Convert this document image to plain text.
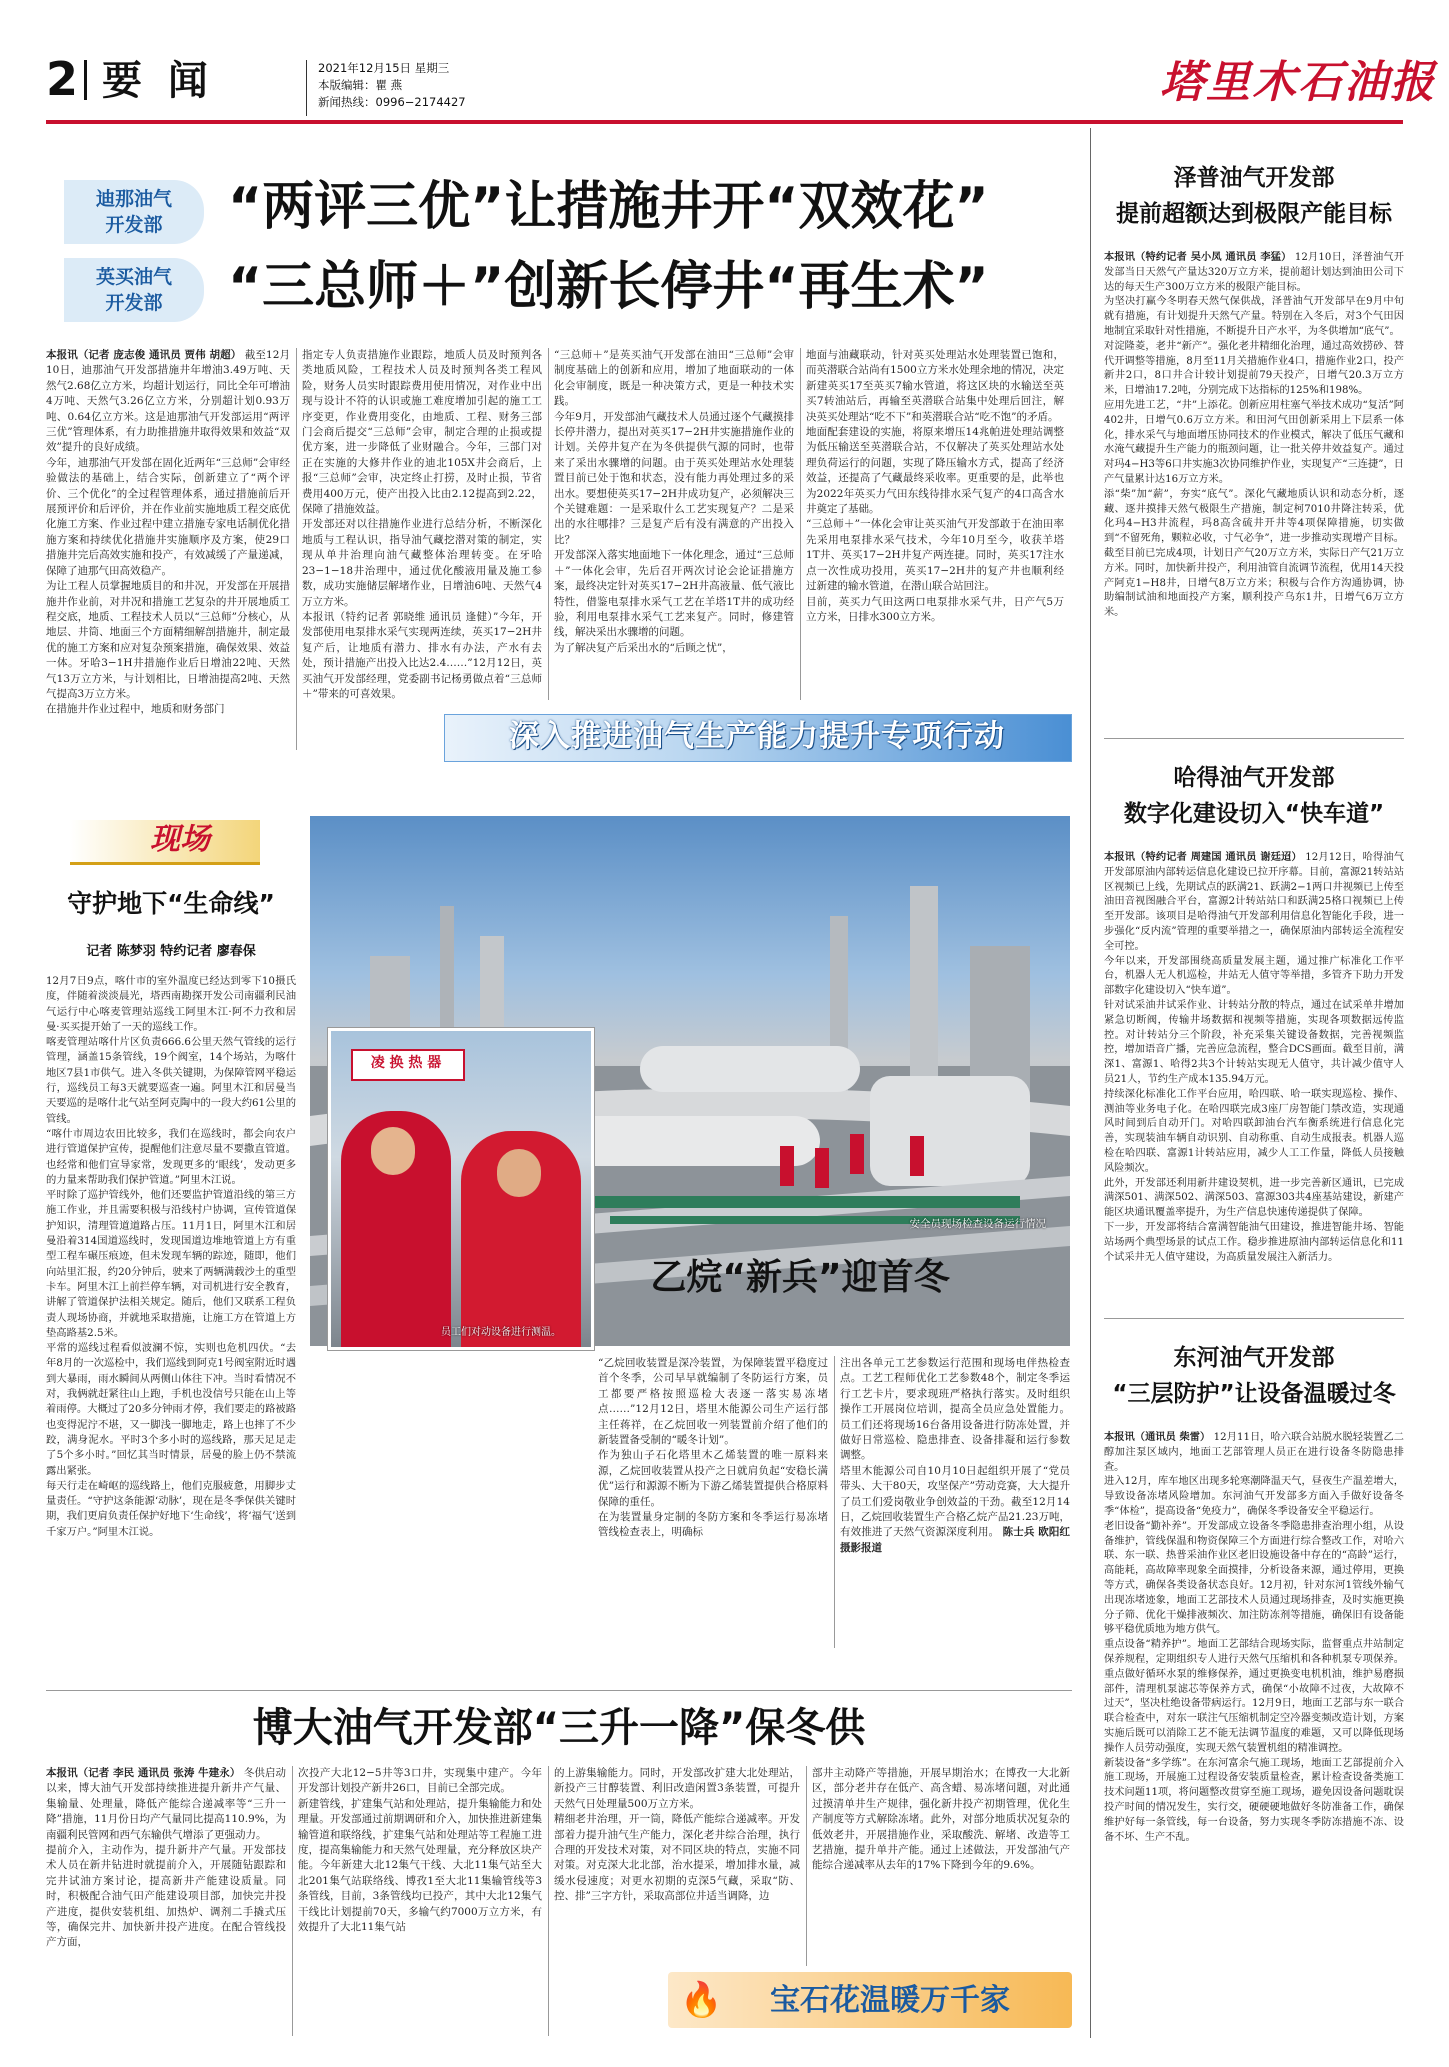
2 要 闻	2021年12月15日 星期三
本版编辑：瞿 燕
新闻热线：0996−2174427	塔里木石油报
迪那油气
开发部
英买油气
开发部
“两评三优”让措施井开“双效花”
“三总师＋”创新长停井“再生术”
本报讯（记者 庞志俊 通讯员 贾伟 胡超） 截至12月10日，迪那油气开发部措施井年增油3.49万吨、天然气2.68亿立方米，均超计划运行，同比全年可增油4万吨、天然气3.26亿立方米，分别超计划0.93万吨、0.64亿立方米。这是迪那油气开发部运用“两评三优”管理体系，有力助推措施井取得效果和效益“双效”提升的良好成绩。
今年，迪那油气开发部在固化近两年“三总师”会审经验做法的基础上，结合实际，创新建立了“两个评价、三个优化”的全过程管理体系，通过措施前后开展预评价和后评价，并在作业前实施地质工程交底优化施工方案、作业过程中建立措施专家电话制优化措施方案和持续优化措施井实施顺序及方案，使29口措施井完后高效实施和投产，有效减缓了产量递减，保障了迪那气田高效稳产。
为让工程人员掌握地质目的和井况，开发部在开展措施井作业前，对井况和措施工艺复杂的井开展地质工程交底，地质、工程技术人员以“三总师”分核心，从地层、井筒、地面三个方面精细解剖措施井，制定最优的施工方案和应对复杂预案措施，确保效果、效益一体。牙哈3−1H井措施作业后日增油22吨、天然气13万立方米，与计划相比，日增油提高2吨、天然气提高3万立方米。
在措施井作业过程中，地质和财务部门
指定专人负责措施作业跟踪，地质人员及时预判各类地质风险，工程技术人员及时预判各类工程风险，财务人员实时跟踪费用使用情况，对作业中出现与设计不符的认识或施工难度增加引起的施工工序变更，作业费用变化，由地质、工程、财务三部门会商后提交“三总师”会审，制定合理的止损或提优方案，进一步降低了业财融合。今年，三部门对正在实施的大修井作业的迪北105X井会商后，上报“三总师”会审，决定终止打捞，及时止损，节省费用400万元，使产出投入比由2.12提高到2.22，保障了措施效益。
开发部还对以往措施作业进行总结分析，不断深化地质与工程认识，指导油气藏挖潜对策的制定，实现从单井治理向油气藏整体治理转变。在牙哈23−1−18井治理中，通过优化酸液用量及施工参数，成功实施储层解堵作业，日增油6吨、天然气4万立方米。
本报讯（特约记者 郭晓维 通讯员 逢健）”今年，开发部使用电泵排水采气实现两连续，英买17−2H井复产后，让地质有潜力、排水有办法，产水有去处，预计措施产出投入比达2.4……”12月12日，英买油气开发部经理，党委副书记杨勇做点着“三总师＋”带来的可喜效果。
“三总师＋”是英买油气开发部在油田“三总师”会审制度基础上的创新和应用，增加了地面联动的一体化会审制度，既是一种决策方式，更是一种技术实践。
今年9月，开发部油气藏技术人员通过逐个气藏摸排长停井潜力，提出对英买17−2H井实施措施作业的计划。关停井复产在为冬供提供气源的同时，也带来了采出水骤增的问题。由于英买处理站水处理装置目前已处于饱和状态，没有能力再处理过多的采出水。要想使英买17−2H井成功复产，必须解决三个关键难题：一是采取什么工艺实现复产？二是采出的水往哪排？三是复产后有没有满意的产出投入比？
开发部深入落实地面地下一体化理念，通过“三总师＋”一体化会审，先后召开两次讨论会论证措施方案，最终决定针对英买17−2H井高液量、低气液比特性，借鉴电泵排水采气工艺在羊塔1T井的成功经验，利用电泵排水采气工艺来复产。同时，修建管线，解决采出水骤增的问题。
为了解决复产后采出水的“后顾之忧”，
地面与油藏联动，针对英买处理站水处理装置已饱和，而英潜联合站尚有1500立方米水处理余地的情况，决定新建英买17至英买7输水管道，将这区块的水输送至英买7转油站后，再输至英潜联合站集中处理后回注，解决英买处理站“吃不下”和英潜联合站“吃不饱”的矛盾。
地面配套建设的实施，将原来增压14兆帕进处理站调整为低压输送至英潜联合站，不仅解决了英买处理站水处理负荷运行的问题，实现了降压输水方式，提高了经济效益，还提高了气藏最终采收率。更重要的是，此举也为2022年英买力气田东线待排水采气复产的4口高含水井奠定了基础。
“三总师＋”一体化会审让英买油气开发部敢于在油田率先采用电泵排水采气技术，今年10月至今，收获羊塔1T井、英买17−2H井复产两连捷。同时，英买17注水点一次性成功投用，英买17−2H井的复产井也顺利经过新建的输水管道，在潜山联合站回注。
目前，英买力气田这两口电泵排水采气井，日产气5万立方米，日排水300立方米。
深入推进油气生产能力提升专项行动
现场
守护地下“生命线”
记者 陈梦羽 特约记者 廖春保
12月7日9点，喀什市的室外温度已经达到零下10摄氏度，伴随着淡淡晨光，塔西南勘探开发公司南疆利民油气运行中心喀麦管理站巡线工阿里木江·阿不力孜和居曼·买买提开始了一天的巡线工作。
喀麦管理站喀什片区负责666.6公里天然气管线的运行管理，涵盖15条管线，19个阀室，14个场站，为喀什地区7县1市供气。进入冬供关键期，为保障管网平稳运行，巡线员工每3天就要巡查一遍。阿里木江和居曼当天要巡的是喀什北气站至阿克陶中的一段大约61公里的管线。
“喀什市周边农田比较多，我们在巡线时，都会向农户进行管道保护宣传，提醒他们注意尽量不要撒直管道。也经常和他们宣导家常，发现更多的‘眼线’，发动更多的力量来帮助我们保护管道。”阿里木江说。
平时除了巡护管线外，他们还要监护管道沿线的第三方施工作业，并且需要积极与沿线村户协调，宣传管道保护知识，清理管道道路占压。11月1日，阿里木江和居曼沿着314国道巡线时，发现国道边堆地管道上方有重型工程车碾压痕迹，但未发现车辆的踪迹，随即，他们向站里汇报，约20分钟后，驶来了两辆满载沙土的重型卡车。阿里木江上前拦停车辆，对司机进行安全教育，讲解了管道保护法相关规定。随后，他们又联系工程负责人现场协商，并就地采取措施，让施工方在管道上方垫高路基2.5米。
平常的巡线过程看似波澜不惊，实则也危机四伏。“去年8月的一次巡检中，我们巡线到阿克1号阀室附近时遇到大暴雨，雨水瞬间从两侧山体往下冲。当时看情况不对，我俩就赶紧往山上跑，手机也没信号只能在山上等着雨停。大概过了20多分钟雨才停，我们要走的路被路也变得泥泞不堪，又一脚浅一脚地走，路上也摔了不少跤，满身泥水。平时3个多小时的巡线路，那天足足走了5个多小时。”回忆其当时情景，居曼的脸上仍不禁流露出紧张。
每天行走在崎岖的巡线路上，他们克服疲惫，用脚步丈量责任。“守护这条能源‘动脉’，现在是冬季保供关键时期，我们更肩负责任保护好地下‘生命线’，将‘福气’送到千家万户。”阿里木江说。
安全员现场检查设备运行情况
乙烷“新兵”迎首冬
凌 换 热 器
员工们对动设备进行测温。
“乙烷回收装置是深冷装置，为保障装置平稳度过首个冬季，公司早早就编制了冬防运行方案，员工都要严格按照巡检大表逐一落实易冻堵点……”12月12日，塔里木能源公司生产运行部主任蒋祥，在乙烷回收一列装置前介绍了他们的新装置备受制的“暖冬计划”。
作为独山子石化塔里木乙烯装置的唯一原料来源，乙烷回收装置从投产之日就肩负起“安稳长满优”运行和源源不断为下游乙烯装置提供合格原料保障的重任。
在为装置量身定制的冬防方案和冬季运行易冻堵管线检查表上，明确标
注出各单元工艺参数运行范围和现场电伴热检查点。工艺工程师优化工艺参数48个，制定冬季运行工艺卡片，要求现班严格执行落实。及时组织操作工开展岗位培训，提高全员应急处置能力。员工们还将现场16台备用设备进行防冻处置，并做好日常巡检、隐患排查、设备排凝和运行参数调整。
塔里木能源公司自10月10日起组织开展了“党员带头、大干80天，攻坚保产”劳动竞赛，大大提升了员工们爱岗敬业争创效益的干劲。截至12月14日，乙烷回收装置生产合格乙烷产品21.23万吨，有效推进了天然气资源深度利用。 陈士兵 欧阳红 摄影报道
博大油气开发部“三升一降”保冬供
本报讯（记者 李民 通讯员 张涛 牛建永） 冬供启动以来，博大油气开发部持续推进提升新井产气量、集输量、处理量，降低产能综合递减率等“三升一降”措施，11月份日均产气量同比提高110.9%，为南疆利民管网和西气东输供气增添了更强动力。
提前介入，主动作为，提升新井产气量。开发部技术人员在新井钻进时就提前介入，开展随钻跟踪和完井试油方案讨论，提高新井产能建设质量。同时，积极配合油气田产能建设项目部，加快完井投产进度，提供安装机组、加热炉、调剂二手撬式压等，确保完井、加快新井投产进度。在配合管线投产方面，
次投产大北12−5井等3口井，实现集中建产。今年开发部计划投产新井26口，目前已全部完成。
新建管线，扩建集气站和处理站，提升集输能力和处理量。开发部通过前期调研和介入，加快推进新建集输管道和联络线，扩建集气站和处理站等工程施工进度，提高集输能力和天然气处理量，充分释放区块产能。今年新建大北12集气干线、大北11集气站至大北201集气站联络线、博孜1至大北11集输管线等3条管线，目前，3条管线均已投产，其中大北12集气干线比计划提前70天，多输气约7000万立方米，有效提升了大北11集气站
的上游集输能力。同时，开发部改扩建大北处理站，新投产三甘醇装置、利旧改造闲置3条装置，可提升天然气日处理量500万立方米。
精细老井治理，开一筒，降低产能综合递减率。开发部着力提升油气生产能力，深化老井综合治理，执行合理的开发技术对策，对不同区块的特点，实施不同对策。对克深大北北部，治水提采，增加排水量，减缓水侵速度；对更水初期的克深5气藏，采取“防、控、排”三字方针，采取高部位井适当调降，边
部井主动降产等措施，开展早期治水；在博孜一大北新区，部分老井存在低产、高含蜡、易冻堵问题，对此通过摸清单井生产规律，强化新井投产初期管理，优化生产制度等方式解除冻堵。此外，对部分地质状况复杂的低效老井，开展措施作业，采取酸洗、解堵、改造等工艺措施，提升单井产能。通过上述做法，开发部油气产能综合递减率从去年的17%下降到今年的9.6%。
🔥	宝石花温暖万千家
泽普油气开发部
提前超额达到极限产能目标
本报讯（特约记者 吴小凤 通讯员 李猛） 12月10日，泽普油气开发部当日天然气产量达320万立方米，提前超计划达到油田公司下达的每天生产300万立方米的极限产能目标。
为坚决打赢今冬明春天然气保供战，泽普油气开发部早在9月中旬就有措施，有计划提升天然气产量。特别在入冬后，对3个气田因地制宜采取针对性措施，不断提升日产水平，为冬供增加“底气”。
对淀隆菱，老井“新产”。强化老井精细化治理，通过高效捞砂、替代开调整等措施，8月至11月关措施作业4口，措施作业2口，投产新井2口，8口井合计较计划提前79天投产，日增气20.3万立方米，日增油17.2吨，分别完成下达指标的125%和198%。
应用先进工艺，“井”上添花。创新应用柱塞气举技术成功“复活”阿402井，日增气0.6万立方米。和田河气田创新采用上下层系一体化，排水采气与地面增压协同技术的作业模式，解决了低压气藏和水淹气藏提升生产能力的瓶颈问题，让一批关停井效益复产。通过对玛4−H3等6口井实施3次协同维护作业，实现复产“三连捷”，日产气量累计达16万立方米。
添“柴”加“薪”，夯实“底气”。深化气藏地质认识和动态分析，逐藏、逐井摸排天然气极限生产措施，制定柯7010井降注转采，优化玛4−H3井流程，玛8高含硫井开井等4项保障措施，切实做到“不留死角，颗粒必收，寸气必争”，进一步推动实现增产目标。截至目前已完成4项，计划日产气20万立方米，实际日产气21万立方米。同时，加快新井投产，利用油管自流调节流程，优用14天投产阿克1−H8井，日增气8万立方米；积极与合作方沟通协调，协助编制试油和地面投产方案，顺利投产乌东1井，日增气6万立方米。
哈得油气开发部
数字化建设切入“快车道”
本报讯（特约记者 周建国 通讯员 谢廷迢） 12月12日，哈得油气开发部原油内部转运信息化建设已拉开序幕。目前，富源21转站站区视频已上线，先期试点的跃满21、跃满2−1两口井视频已上传至油田音视图融合平台，富源2计转站站口和跃满25格口视频已上传至开发部。该项目是哈得油气开发部利用信息化智能化手段，进一步强化“反内流”管理的重要举措之一，确保原油内部转运全流程安全可控。
今年以来，开发部围绕高质量发展主题，通过推广标准化工作平台，机器人无人机巡检，井站无人值守等举措，多管齐下助力开发部数字化建设切入“快车道”。
针对试采油井试采作业、计转站分散的特点，通过在试采单井增加紧急切断阀，传输井场数据和视频等措施，实现各项数据远传监控。对计转站分三个阶段，补充采集关键设备数据，完善视频监控，增加语音广播，完善应急流程，整合DCS画面。截至目前，满深1、富源1、哈得2共3个计转站实现无人值守，共计减少值守人员21人，节约生产成本135.94万元。
持续深化标准化工作平台应用，哈四联、哈一联实现巡检、操作、测油等业务电子化。在哈四联完成3座厂房智能门禁改造，实现通风时间到后自动开门。对哈四联卸油台汽车衡系统进行信息化完善，实现装油车辆自动识别、自动称重、自动生成报表。机器人巡检在哈四联、富源1计转站应用，减少人工工作量，降低人员接触风险频次。
此外，开发部还利用新井建设契机，进一步完善新区通讯，已完成满深501、满深502、满深503、富源303共4座基站建设，新建产能区块通讯覆盖率提升，为生产信息快速传递提供了保障。
下一步，开发部将结合富满智能油气田建设，推进智能井场、智能站场两个典型场景的试点工作。稳步推进原油内部转运信息化和11个试采井无人值守建设，为高质量发展注入新活力。
东河油气开发部
“三层防护”让设备温暖过冬
本报讯（通讯员 柴雷） 12月11日，哈六联合站脱水脱轻装置乙二醇加注泵区域内，地面工艺部管理人员正在进行设备冬防隐患排查。
进入12月，库车地区出现多轮寒潮降温天气，昼夜生产温差增大，导致设备冻堵风险增加。东河油气开发部多方面入手做好设备冬季“体检”，提高设备“免疫力”，确保冬季设备安全平稳运行。
老旧设备“勤补养”。开发部成立设备冬季隐患排查治理小组，从设备维护，管线保温和物资保障三个方面进行综合整改工作，对哈六联、东一联、热普采油作业区老旧设施设备中存在的“高龄”运行，高能耗，高故障率现象全面摸排，分析设备来源，通过停用，更换等方式，确保各类设备状态良好。12月初，针对东河1管线外输气出现冻堵迹象，地面工艺部技术人员通过现场排查，及时实施更换分子筛、优化干燥排液频次、加注防冻剂等措施，确保旧有设备能够平稳优质地为地方供气。
重点设备“精养护”。地面工艺部结合现场实际，监督重点井站制定保养规程，定期组织专人进行天然气压缩机和各种机泵专项保养。重点做好循环水泵的维修保养，通过更换变电机机油，维护易磨损部件，清理机泵滤芯等保养方式，确保“小故障不过夜，大故障不过天”，坚决杜绝设备带病运行。12月9日，地面工艺部与东一联合联合检查中，对东一联注气压缩机制定空冷器变频改造计划，方案实施后既可以消除工艺不能无法调节温度的难题，又可以降低现场操作人员劳动强度，实现天然气装置机组的精准调控。
新装设备“多学练”。在东河富余气施工现场，地面工艺部提前介入施工现场，开展施工过程设备安装质量检查，累计检查设备类施工技术问题11项，将问题整改贯穿至施工现场，避免因设备问题耽误投产时间的情况发生，实行交，硬硬硬地做好冬防准备工作，确保维护好每一条管线，每一台设备，努力实现冬季防冻措施不冻、设备不坏、生产不乱。
